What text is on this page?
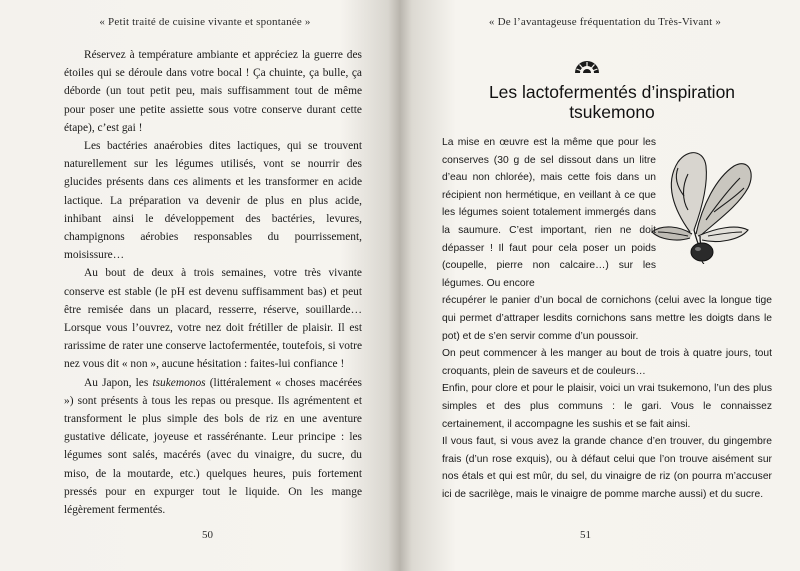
« Petit traité de cuisine vivante et spontanée »

Réservez à température ambiante et appréciez la guerre des étoiles qui se déroule dans votre bocal ! Ça chuinte, ça bulle, ça déborde (un tout petit peu, mais suffisamment tout de même pour poser une petite assiette sous votre conserve durant cette étape), c’est gai !

Les bactéries anaérobies dites lactiques, qui se trouvent naturellement sur les légumes utilisés, vont se nourrir des glucides présents dans ces aliments et les transformer en acide lactique. La préparation va devenir de plus en plus acide, inhibant ainsi le développement des bactéries, levures, champignons aérobies responsables du pourrissement, moisissure…

Au bout de deux à trois semaines, votre très vivante conserve est stable (le pH est devenu suffisamment bas) et peut être remisée dans un placard, resserre, réserve, souillarde… Lorsque vous l’ouvrez, votre nez doit frétiller de plaisir. Il est rarissime de rater une conserve lactofermentée, toutefois, si votre nez vous dit « non », aucune hésitation : faites-lui confiance !

Au Japon, les tsukemonos (littéralement « choses macérées ») sont présents à tous les repas ou presque. Ils agrémentent et transforment le plus simple des bols de riz en une aventure gustative délicate, joyeuse et rassérénante. Leur principe : les légumes sont salés, macérés (avec du vinaigre, du sucre, du miso, de la moutarde, etc.) quelques heures, puis fortement pressés pour en expurger tout le liquide. On les mange légèrement fermentés.

50
« De l’avantageuse fréquentation du Très-Vivant »
Les lactofermentés d’inspiration
tsukemono

La mise en œuvre est la même que pour les conserves (30 g de sel dissout dans un litre d’eau non chlorée), mais cette fois dans un récipient non hermétique, en veillant à ce que les légumes soient totalement immergés dans la saumure. C’est important, rien ne doit dépasser ! Il faut pour cela poser un poids (coupelle, pierre non calcaire…) sur les légumes. Ou encore

récupérer le panier d’un bocal de cornichons (celui avec la longue tige qui permet d’attraper lesdits cornichons sans mettre les doigts dans le pot) et de s’en servir comme d’un poussoir.

On peut commencer à les manger au bout de trois à quatre jours, tout croquants, plein de saveurs et de couleurs…

Enfin, pour clore et pour le plaisir, voici un vrai tsukemono, l’un des plus simples et des plus communs : le gari. Vous le connaissez certainement, il accompagne les sushis et se fait ainsi.

Il vous faut, si vous avez la grande chance d’en trouver, du gingembre frais (d’un rose exquis), ou à défaut celui que l’on trouve aisément sur nos étals et qui est mûr, du sel, du vinaigre de riz (on pourra m’accuser ici de sacrilège, mais le vinaigre de pomme marche aussi) et du sucre.

51
